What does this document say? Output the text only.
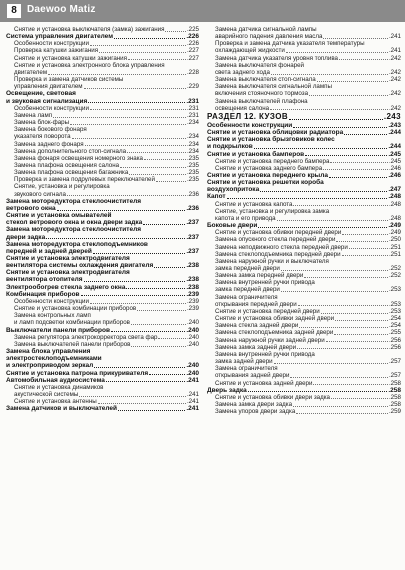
8	Daewoo Matiz
Снятие и установка выключателя (замка) зажигания	.225
Система управления двигателем	.226
Особенности конструкции	.226
Проверка катушки зажигания	.227
Снятие и установка катушки зажигания	.227
Снятие и установка электронного блока управления
двигателем	.228
Проверка и замена датчиков системы
управления двигателем	.229
Освещение, световая
и звуковая сигнализация	.231
Особенности конструкции	.231
Замена ламп	.231
Замена блок-фары	.234
Замена бокового фонаря
указателя поворота	.234
Замена заднего фонаря	.234
Замена дополнительного стоп-сигнала	.234
Замена фонаря освещения номерного знака	.235
Замена плафона освещения салона	.235
Замена плафона освещения багажника	.235
Проверка и замена подрулевых переключателей	.235
Снятие, установка и регулировка
звукового сигнала	.236
Замена моторедуктора стеклоочистителя
ветрового окна	.236
Снятие и установка омывателей
стекол ветрового окна и окна двери задка	.237
Замена моторедуктора стеклоочистителя
двери задка	.237
Замена моторедуктора стеклоподъемников
передней и задней дверей	.237
Снятие и установка электродвигателя
вентилятора системы охлаждения двигателя	.238
Снятие и установка электродвигателя
вентилятора отопителя	.238
Электрообогрев стекла заднего окна	.238
Комбинация приборов	.239
Особенности конструкции	.239
Снятие и установка комбинации приборов	.239
Замена контрольных ламп
и ламп подсветки комбинации приборов	.240
Выключатели панели приборов	.240
Замена регулятора электрокорректора света фар	.240
Замена выключателей панели приборов	.240
Замена блока управления
электростеклоподъемниками
и электроприводом зеркал	.240
Снятие и установка патрона прикуривателя	.240
Автомобильная аудиосистема	.241
Снятие и установка динамиков
акустической системы	.241
Снятие и установка антенны	.241
Замена датчиков и выключателей	.241
Замена датчика сигнальной лампы
аварийного падения давления масла	.241
Проверка и замена датчика указателя температуры
охлаждающей жидкости	.241
Замена датчика указателя уровня топлива	.242
Замена выключателя фонарей
света заднего хода	.242
Замена выключателя стоп-сигнала	.242
Замена выключателя сигнальной лампы
включения стояночного тормоза	.242
Замена выключателей плафона
освещения салона	.242
РАЗДЕЛ 12. КУЗОВ	.243
Особенности конструкции	.243
Снятие и установка облицовки радиатора	.244
Снятие и установка брызговиков колес
и подкрылков	.244
Снятие и установка бамперов	.245
Снятие и установка переднего бампера	.245
Снятие и установка заднего бампера	.246
Снятие и установка переднего крыла	.246
Снятие и установка решетки короба
воздухопритока	.247
Капот	.248
Снятие и установка капота	.248
Снятие, установка и регулировка замка
капота и его привода	.248
Боковые двери	.249
Снятие и установка обивки передней двери	.249
Замена опускного стекла передней двери	.250
Замена неподвижного стекла передней двери	.251
Замена стеклоподъемника передней двери	.251
Замена наружной ручки и выключателя
замка передней двери	.252
Замена замка передней двери	.252
Замена внутренней ручки привода
замка передней двери	.253
Замена ограничителя
открывания передней двери	.253
Снятие и установка передней двери	.253
Снятие и установка обивки задней двери	.254
Замена стекла задней двери	.254
Замена стеклоподъемника задней двери	.255
Замена наружной ручки задней двери	.256
Замена замка задней двери	.256
Замена внутренней ручки привода
замка задней двери	.257
Замена ограничителя
открывания задней двери	.257
Снятие и установка задней двери	.258
Дверь задка	.258
Снятие и установка обивки двери задка	.258
Замена замка двери задка	.258
Замена упоров двери задка	.259
